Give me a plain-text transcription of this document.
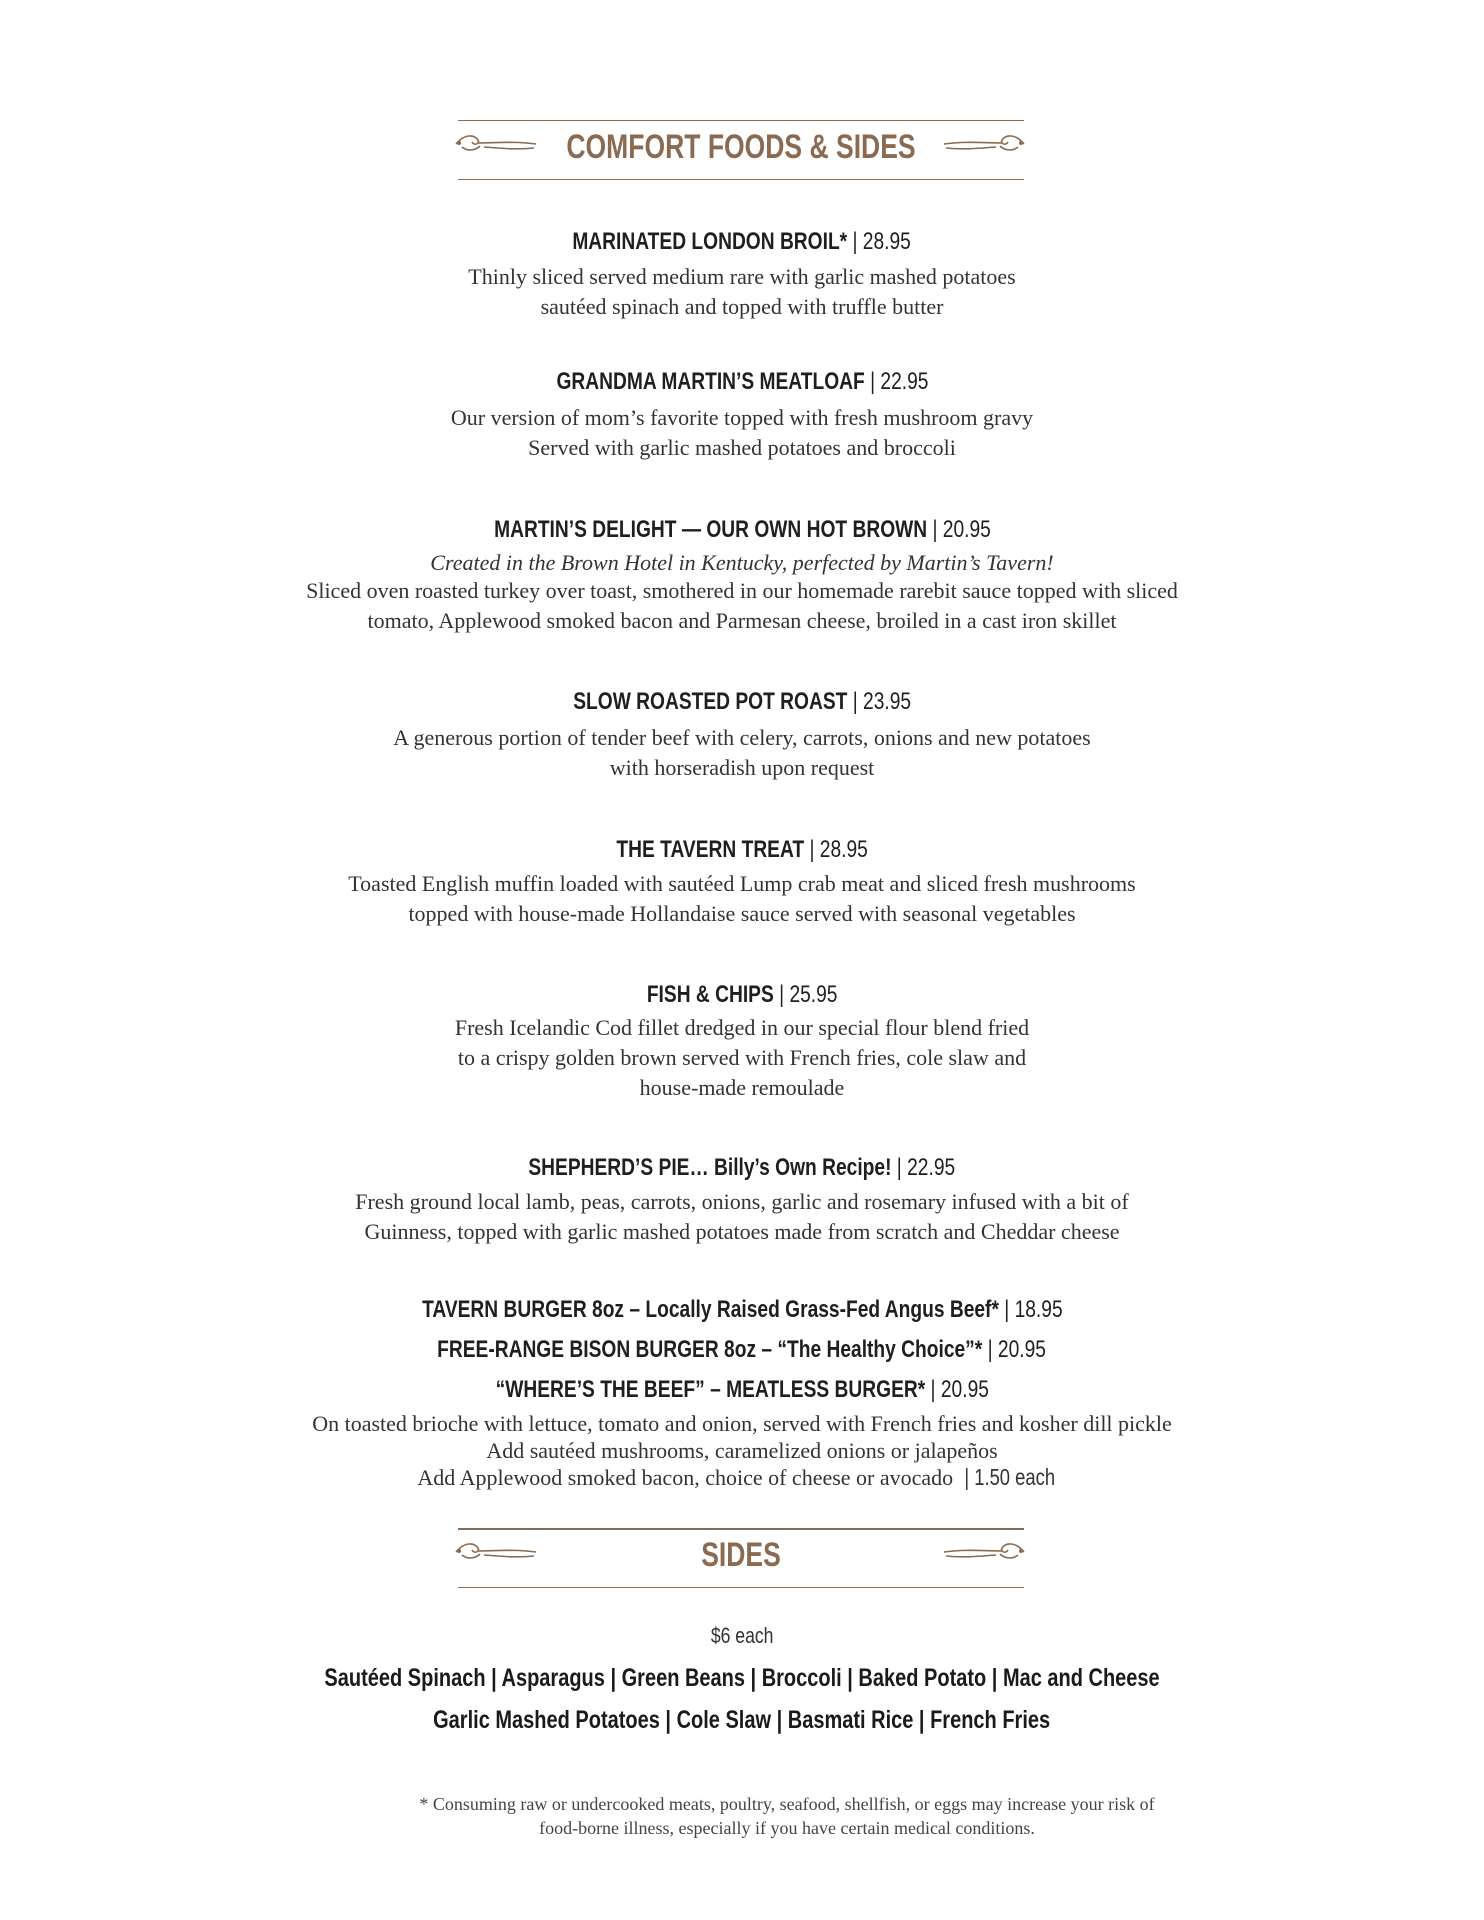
COMFORT FOODS & SIDES
MARINATED LONDON BROIL* | 28.95
Thinly sliced served medium rare with garlic mashed potatoes
sautéed spinach and topped with truffle butter
GRANDMA MARTIN’S MEATLOAF | 22.95
Our version of mom’s favorite topped with fresh mushroom gravy
Served with garlic mashed potatoes and broccoli
MARTIN’S DELIGHT — OUR OWN HOT BROWN | 20.95
Created in the Brown Hotel in Kentucky, perfected by Martin’s Tavern!
Sliced oven roasted turkey over toast, smothered in our homemade rarebit sauce topped with sliced
tomato, Applewood smoked bacon and Parmesan cheese, broiled in a cast iron skillet
SLOW ROASTED POT ROAST | 23.95
A generous portion of tender beef with celery, carrots, onions and new potatoes
with horseradish upon request
THE TAVERN TREAT | 28.95
Toasted English muffin loaded with sautéed Lump crab meat and sliced fresh mushrooms
topped with house-made Hollandaise sauce served with seasonal vegetables
FISH & CHIPS | 25.95
Fresh Icelandic Cod fillet dredged in our special flour blend fried
to a crispy golden brown served with French fries, cole slaw and
house-made remoulade
SHEPHERD’S PIE… Billy’s Own Recipe! | 22.95
Fresh ground local lamb, peas, carrots, onions, garlic and rosemary infused with a bit of
Guinness, topped with garlic mashed potatoes made from scratch and Cheddar cheese
TAVERN BURGER 8oz – Locally Raised Grass-Fed Angus Beef* | 18.95
FREE-RANGE BISON BURGER 8oz – “The Healthy Choice”* | 20.95
“WHERE’S THE BEEF” – MEATLESS BURGER* | 20.95
On toasted brioche with lettuce, tomato and onion, served with French fries and kosher dill pickle
Add sautéed mushrooms, caramelized onions or jalapeños
Add Applewood smoked bacon, choice of cheese or avocado| 1.50 each
SIDES
$6 each
Sautéed Spinach | Asparagus | Green Beans | Broccoli | Baked Potato | Mac and Cheese
Garlic Mashed Potatoes | Cole Slaw | Basmati Rice | French Fries
* Consuming raw or undercooked meats, poultry, seafood, shellfish, or eggs may increase your risk of
food-borne illness, especially if you have certain medical conditions.
